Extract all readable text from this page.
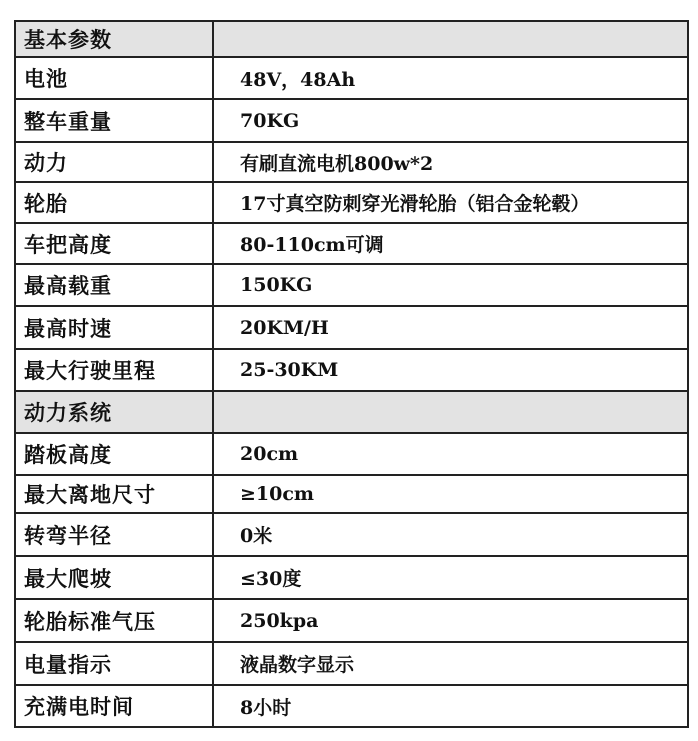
基本参数	
电池	48V，48Ah
整车重量	70KG
动力	有刷直流电机800w*2
轮胎	17寸真空防刺穿光滑轮胎（铝合金轮毂）
车把高度	80-110cm可调
最高载重	150KG
最高时速	20KM/H
最大行驶里程	25-30KM
动力系统	
踏板高度	20cm
最大离地尺寸	≥10cm
转弯半径	0米
最大爬坡	≤30度
轮胎标准气压	250kpa
电量指示	液晶数字显示
充满电时间	8小时
